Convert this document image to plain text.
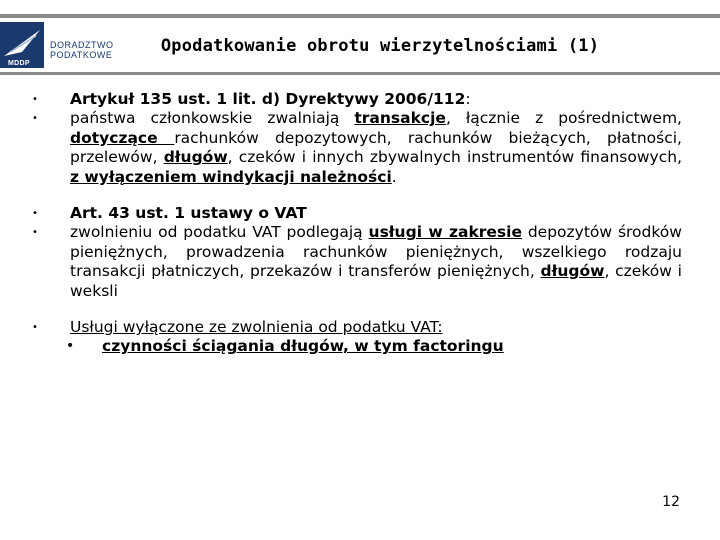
MDDP
DORADZTWO
PODATKOWE	Opodatkowanie obrotu wierzytelnościami (1)
• Artykuł 135 ust. 1 lit. d) Dyrektywy 2006/112:
• państwa członkowskie zwalniają transakcje, łącznie z pośrednictwem, dotyczące rachunków depozytowych, rachunków bieżących, płatności, przelewów, długów, czeków i innych zbywalnych instrumentów finansowych, z wyłączeniem windykacji należności.
• Art. 43 ust. 1 ustawy o VAT
• zwolnieniu od podatku VAT podlegają usługi w zakresie depozytów środków pieniężnych, prowadzenia rachunków pieniężnych, wszelkiego rodzaju transakcji płatniczych, przekazów i transferów pieniężnych, długów, czeków i weksli
• Usługi wyłączone ze zwolnienia od podatku VAT:
• czynności ściągania długów, w tym factoringu
12
